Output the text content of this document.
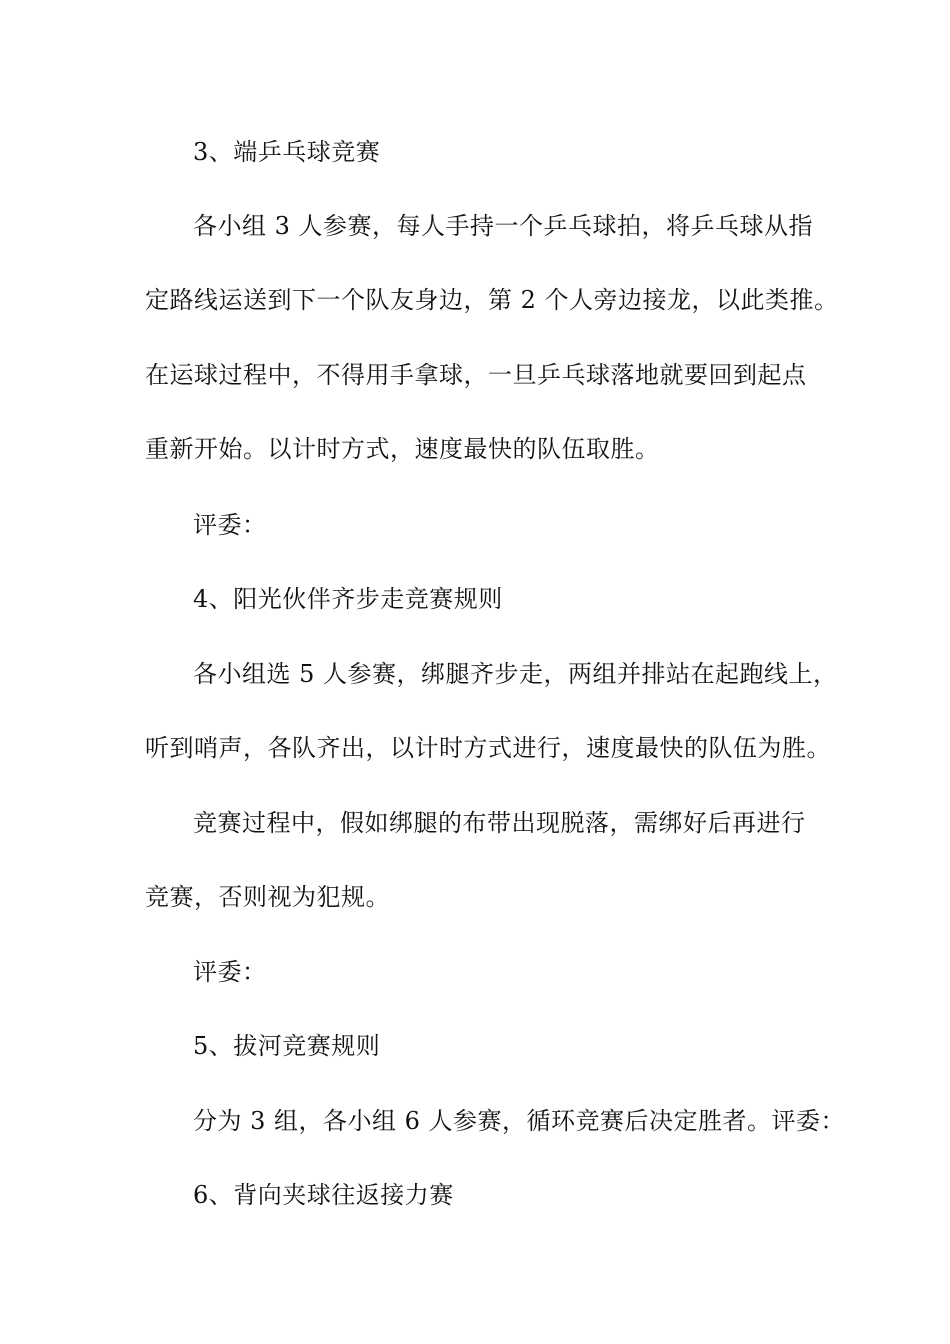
3、端乒乓球竞赛
各小组 3 人参赛，每人手持一个乒乓球拍，将乒乓球从指
定路线运送到下一个队友身边，第 2 个人旁边接龙，以此类推。
在运球过程中，不得用手拿球，一旦乒乓球落地就要回到起点
重新开始。以计时方式，速度最快的队伍取胜。
评委：
4、阳光伙伴齐步走竞赛规则
各小组选 5 人参赛，绑腿齐步走，两组并排站在起跑线上，
听到哨声，各队齐出，以计时方式进行，速度最快的队伍为胜。
竞赛过程中，假如绑腿的布带出现脱落，需绑好后再进行
竞赛，否则视为犯规。
评委：
5、拔河竞赛规则
分为 3 组，各小组 6 人参赛，循环竞赛后决定胜者。评委：
6、背向夹球往返接力赛
